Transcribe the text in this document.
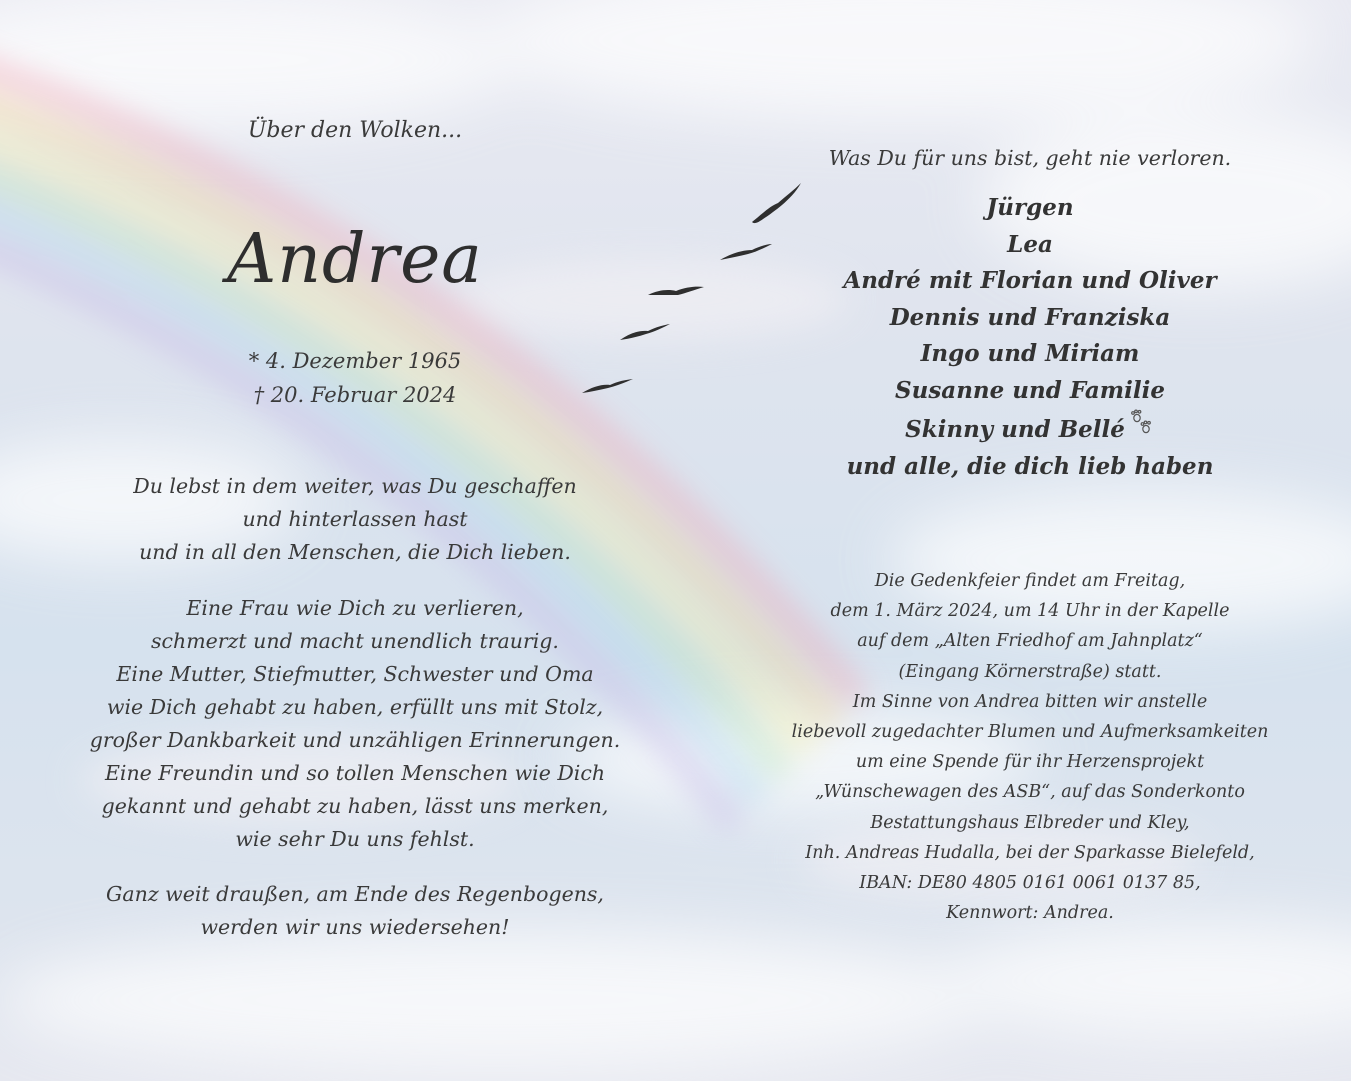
Über den Wolken...
Andrea
* 4. Dezember 1965
† 20. Februar 2024
Du lebst in dem weiter, was Du geschaffen
und hinterlassen hast
und in all den Menschen, die Dich lieben.
Eine Frau wie Dich zu verlieren,
schmerzt und macht unendlich traurig.
Eine Mutter, Stiefmutter, Schwester und Oma
wie Dich gehabt zu haben, erfüllt uns mit Stolz,
großer Dankbarkeit und unzähligen Erinnerungen.
Eine Freundin und so tollen Menschen wie Dich
gekannt und gehabt zu haben, lässt uns merken,
wie sehr Du uns fehlst.
Ganz weit draußen, am Ende des Regenbogens,
werden wir uns wiedersehen!
Was Du für uns bist, geht nie verloren.
Jürgen
Lea
André mit Florian und Oliver
Dennis und Franziska
Ingo und Miriam
Susanne und Familie
Skinny und Bellé
und alle, die dich lieb haben
Die Gedenkfeier findet am Freitag,
dem 1. März 2024, um 14 Uhr in der Kapelle
auf dem „Alten Friedhof am Jahnplatz“
(Eingang Körnerstraße) statt.
Im Sinne von Andrea bitten wir anstelle
liebevoll zugedachter Blumen und Aufmerksamkeiten
um eine Spende für ihr Herzensprojekt
„Wünschewagen des ASB“, auf das Sonderkonto
Bestattungshaus Elbreder und Kley,
Inh. Andreas Hudalla, bei der Sparkasse Bielefeld,
IBAN: DE80 4805 0161 0061 0137 85,
Kennwort: Andrea.
